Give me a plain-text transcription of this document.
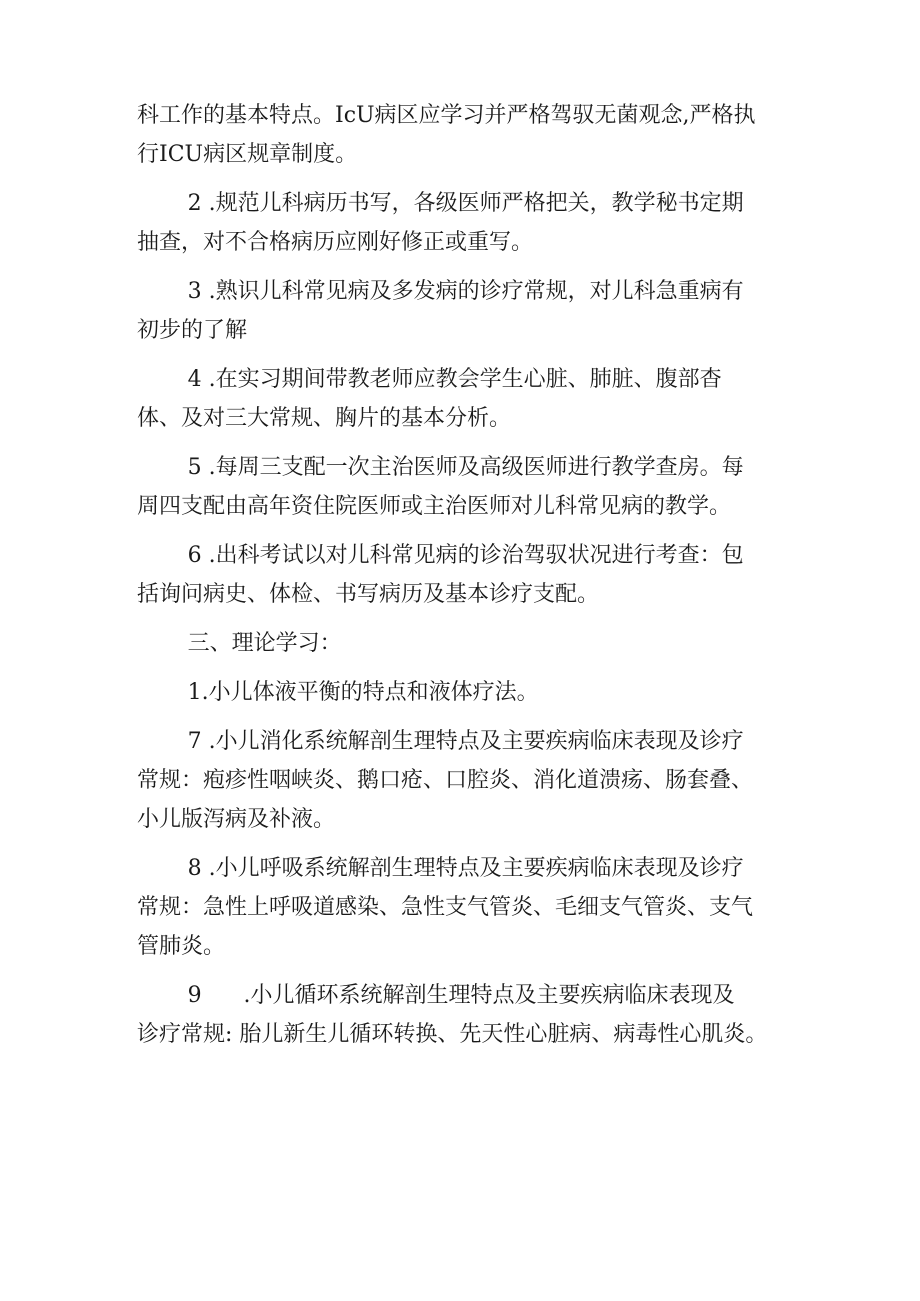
科工作的基本特点。IcU病区应学习并严格驾驭无菌观念,严格执
行ICU病区规章制度。

2 .规范儿科病历书写，各级医师严格把关，教学秘书定期
抽查，对不合格病历应刚好修正或重写。

3 .熟识儿科常见病及多发病的诊疗常规，对儿科急重病有
初步的了解

4 .在实习期间带教老师应教会学生心脏、肺脏、腹部杳
体、及对三大常规、胸片的基本分析。

5 .每周三支配一次主治医师及高级医师进行教学查房。每
周四支配由高年资住院医师或主治医师对儿科常见病的教学。

6 .出科考试以对儿科常见病的诊治驾驭状况进行考查：包
括询问病史、体检、书写病历及基本诊疗支配。

三、理论学习：

1.小儿体液平衡的特点和液体疗法。

7 .小儿消化系统解剖生理特点及主要疾病临床表现及诊疗
常规：疱疹性咽峡炎、鹅口疮、口腔炎、消化道溃疡、肠套叠、
小儿版泻病及补液。

8 .小儿呼吸系统解剖生理特点及主要疾病临床表现及诊疗
常规：急性上呼吸道感染、急性支气管炎、毛细支气管炎、支气
管肺炎。

9      .小儿循环系统解剖生理特点及主要疾病临床表现及
诊疗常规: 胎儿新生儿循环转换、先天性心脏病、病毒性心肌炎。
